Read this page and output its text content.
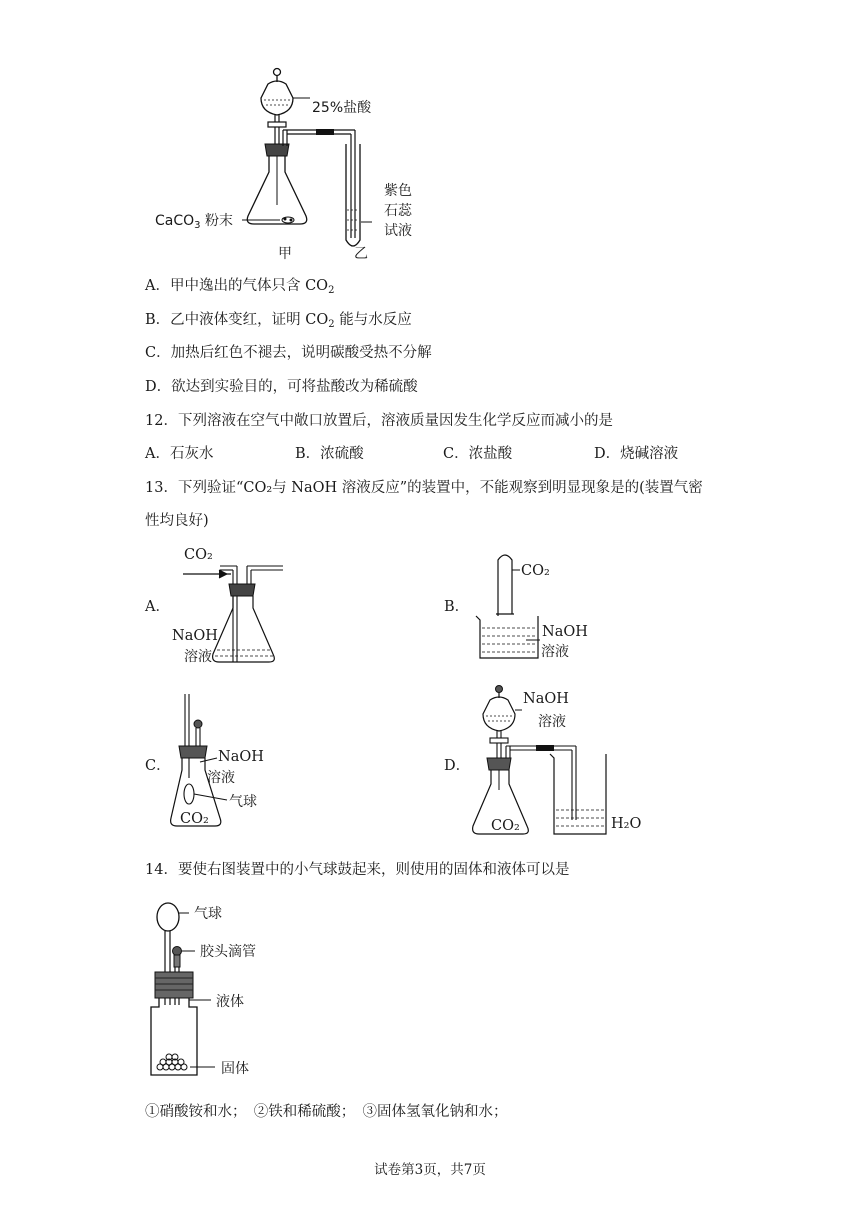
25%盐酸
CaCO$_3$ 粉末
紫色
石蕊
试液
甲	乙
A．甲中逸出的气体只含 $CO_2$
B．乙中液体变红，证明 $CO_2$ 能与水反应
C．加热后红色不褪去，说明碳酸受热不分解
D．欲达到实验目的，可将盐酸改为稀硫酸
12．下列溶液在空气中敞口放置后，溶液质量因发生化学反应而减小的是
A．石灰水	B．浓硫酸	C．浓盐酸	D．烧碱溶液
13．下列验证“CO₂与 NaOH 溶液反应”的装置中，不能观察到明显现象是的(装置气密
性均良好)
A．	B．
C．	D．
CO₂
NaOH
溶液
CO₂
NaOH
溶液
NaOH
溶液
气球
CO₂
NaOH
溶液
CO₂	H₂O
14．要使右图装置中的小气球鼓起来，则使用的固体和液体可以是
气球
胶头滴管
液体
固体
①硝酸铵和水；　②铁和稀硫酸；　③固体氢氧化钠和水；
试卷第3页，共7页
